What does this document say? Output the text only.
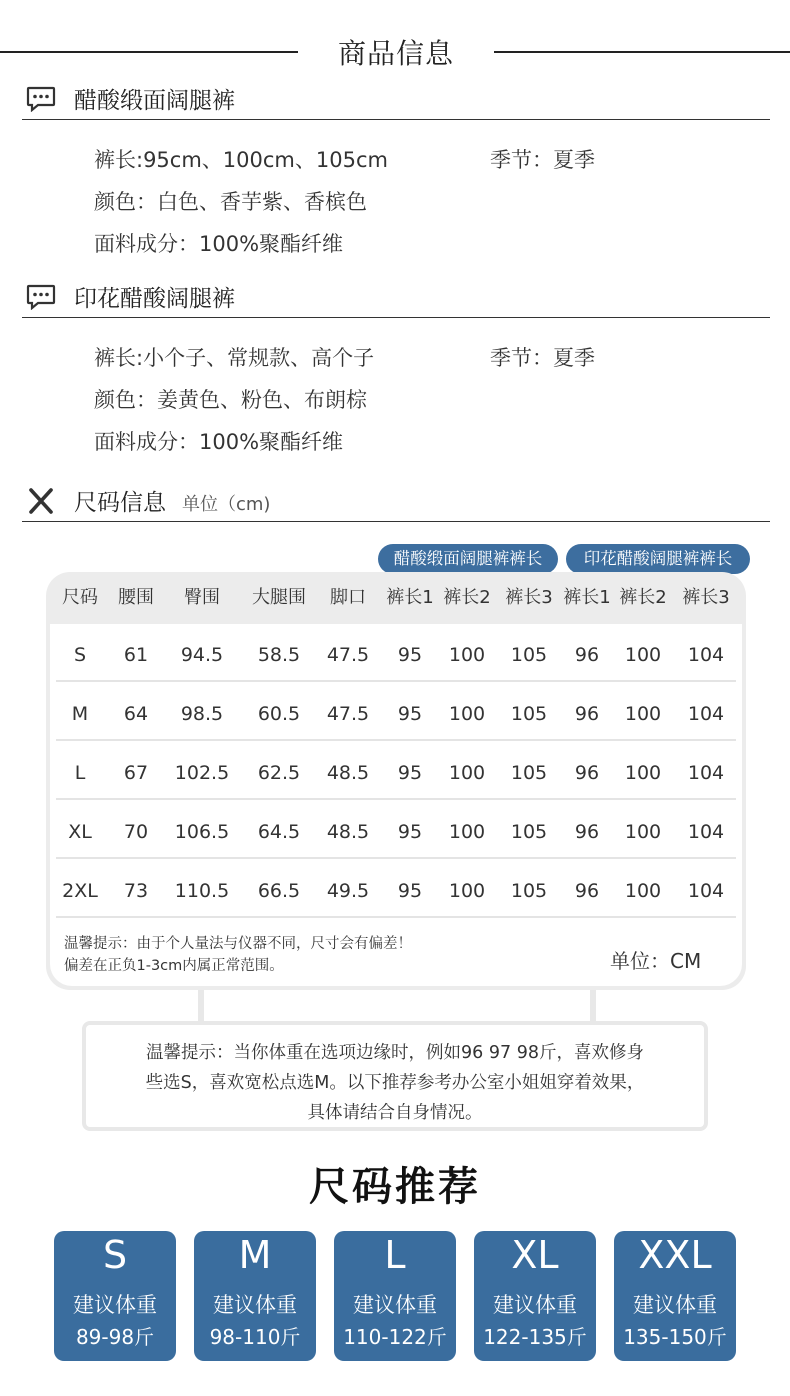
商品信息
醋酸缎面阔腿裤
裤长:95cm、100cm、105cm	季节：夏季
颜色：白色、香芋紫、香槟色
面料成分：100%聚酯纤维
印花醋酸阔腿裤
裤长:小个子、常规款、高个子	季节：夏季
颜色：姜黄色、粉色、布朗棕
面料成分：100%聚酯纤维
尺码信息 单位（cm)
醋酸缎面阔腿裤裤长	印花醋酸阔腿裤裤长
尺码	腰围	臀围	大腿围	脚口	裤长1 裤长2 裤长3 裤长1 裤长2 裤长3
S	61	94.5	58.5	47.5	95	100	105	96	100	104
M	64	98.5	60.5	47.5	95	100	105	96	100	104
L	67	102.5	62.5	48.5	95	100	105	96	100	104
XL	70	106.5	64.5	48.5	95	100	105	96	100	104
2XL	73	110.5	66.5	49.5	95	100	105	96	100	104
温馨提示：由于个人量法与仪器不同，尺寸会有偏差！
偏差在正负1-3cm内属正常范围。	单位：CM

温馨提示：当你体重在选项边缘时，例如96 97 98斤，喜欢修身

些选S，喜欢宽松点选M。以下推荐参考办公室小姐姐穿着效果，

具体请结合自身情况。

尺码推荐
S
建议体重
89-98斤
M
建议体重
98-110斤
L
建议体重
110-122斤
XL
建议体重
122-135斤
XXL
建议体重
135-150斤
